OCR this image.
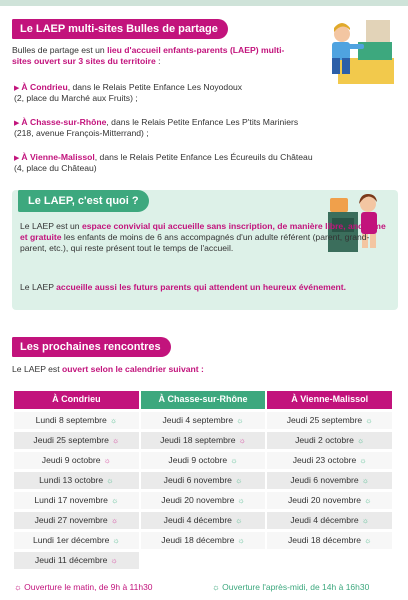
Le LAEP multi-sites Bulles de partage
Bulles de partage est un lieu d'accueil enfants-parents (LAEP) multi-sites ouvert sur 3 sites du territoire :
▶ À Condrieu, dans le Relais Petite Enfance Les Noyodoux
(2, place du Marché aux Fruits) ;
▶ À Chasse-sur-Rhône, dans le Relais Petite Enfance Les P'tits Mariniers
(218, avenue François-Mitterrand) ;
▶ À Vienne-Malissol, dans le Relais Petite Enfance Les Écureuils du Château
(4, place du Château)
Le LAEP, c'est quoi ?
Le LAEP est un espace convivial qui accueille sans inscription, de manière libre, anonyme et gratuite les enfants de moins de 6 ans accompagnés d'un adulte référent (parent, grand-parent, etc.), qui reste présent tout le temps de l'accueil.
Le LAEP accueille aussi les futurs parents qui attendent un heureux événement.
Les prochaines rencontres
Le LAEP est ouvert selon le calendrier suivant :
À Condrieu	À Chasse-sur-Rhône	À Vienne-Malissol
Lundi 8 septembre ☼	Jeudi 4 septembre ☼	Jeudi 25 septembre ☼
Jeudi 25 septembre ☼	Jeudi 18 septembre ☼	Jeudi 2 octobre ☼
Jeudi 9 octobre ☼	Jeudi 9 octobre ☼	Jeudi 23 octobre ☼
Lundi 13 octobre ☼	Jeudi 6 novembre ☼	Jeudi 6 novembre ☼
Lundi 17 novembre ☼	Jeudi 20 novembre ☼	Jeudi 20 novembre ☼
Jeudi 27 novembre ☼	Jeudi 4 décembre ☼	Jeudi 4 décembre ☼
Lundi 1er décembre ☼	Jeudi 18 décembre ☼	Jeudi 18 décembre ☼
Jeudi 11 décembre ☼		
☼ Ouverture le matin, de 9h à 11h30	☼ Ouverture l'après-midi, de 14h à 16h30
